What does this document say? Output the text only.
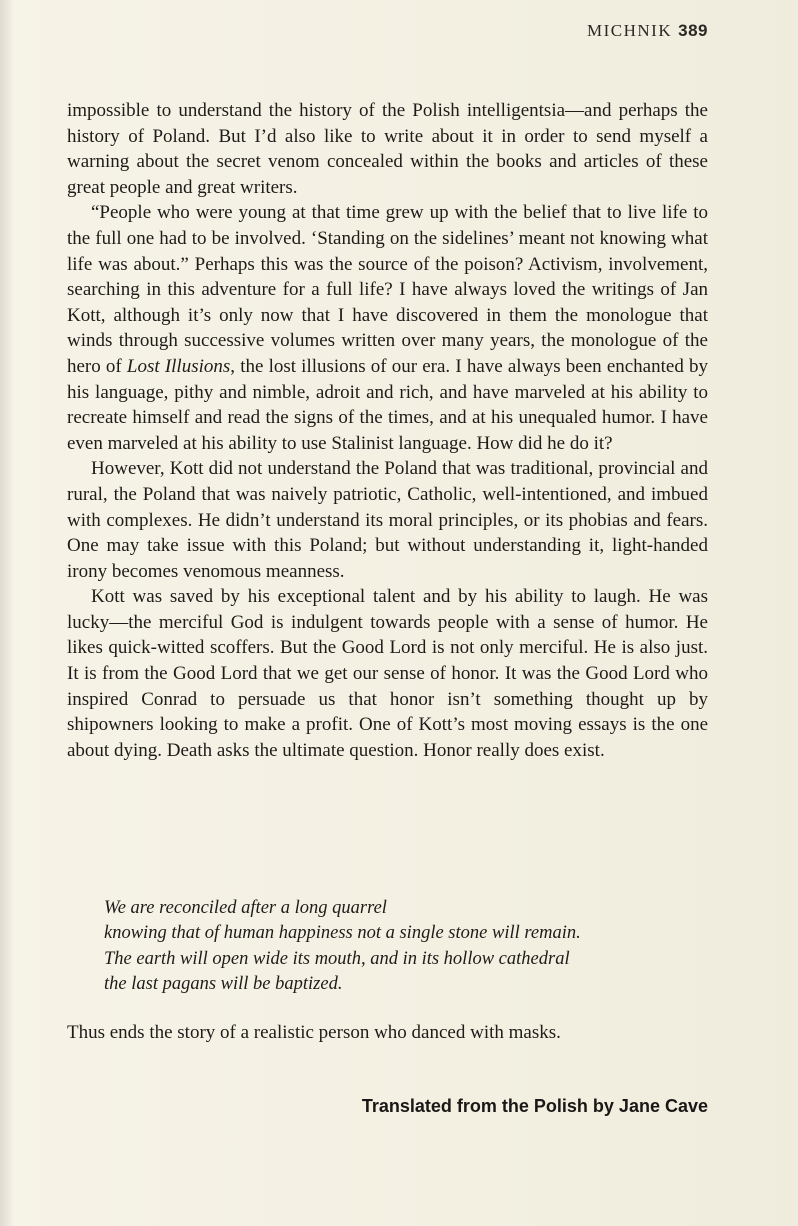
MICHNIK 389

impossible to understand the history of the Polish intelligentsia—and perhaps the history of Poland. But I’d also like to write about it in order to send myself a warning about the secret venom concealed within the books and articles of these great people and great writers.

“People who were young at that time grew up with the belief that to live life to the full one had to be involved. ‘Standing on the sidelines’ meant not knowing what life was about.” Perhaps this was the source of the poison? Activism, involvement, searching in this adventure for a full life? I have always loved the writings of Jan Kott, although it’s only now that I have discovered in them the monologue that winds through successive volumes written over many years, the monologue of the hero of Lost Illusions, the lost illusions of our era. I have always been enchanted by his language, pithy and nimble, adroit and rich, and have marveled at his ability to recreate himself and read the signs of the times, and at his unequaled humor. I have even marveled at his ability to use Stalinist language. How did he do it?

However, Kott did not understand the Poland that was traditional, provincial and rural, the Poland that was naively patriotic, Catholic, well-intentioned, and imbued with complexes. He didn’t understand its moral principles, or its phobias and fears. One may take issue with this Poland; but without understanding it, light-handed irony becomes venomous meanness.

Kott was saved by his exceptional talent and by his ability to laugh. He was lucky—the merciful God is indulgent towards people with a sense of humor. He likes quick-witted scoffers. But the Good Lord is not only merciful. He is also just. It is from the Good Lord that we get our sense of honor. It was the Good Lord who inspired Conrad to persuade us that honor isn’t something thought up by shipowners looking to make a profit. One of Kott’s most moving essays is the one about dying. Death asks the ultimate question. Honor really does exist.

We are reconciled after a long quarrel
knowing that of human happiness not a single stone will remain.
The earth will open wide its mouth, and in its hollow cathedral
the last pagans will be baptized.
Thus ends the story of a realistic person who danced with masks.
Translated from the Polish by Jane Cave
